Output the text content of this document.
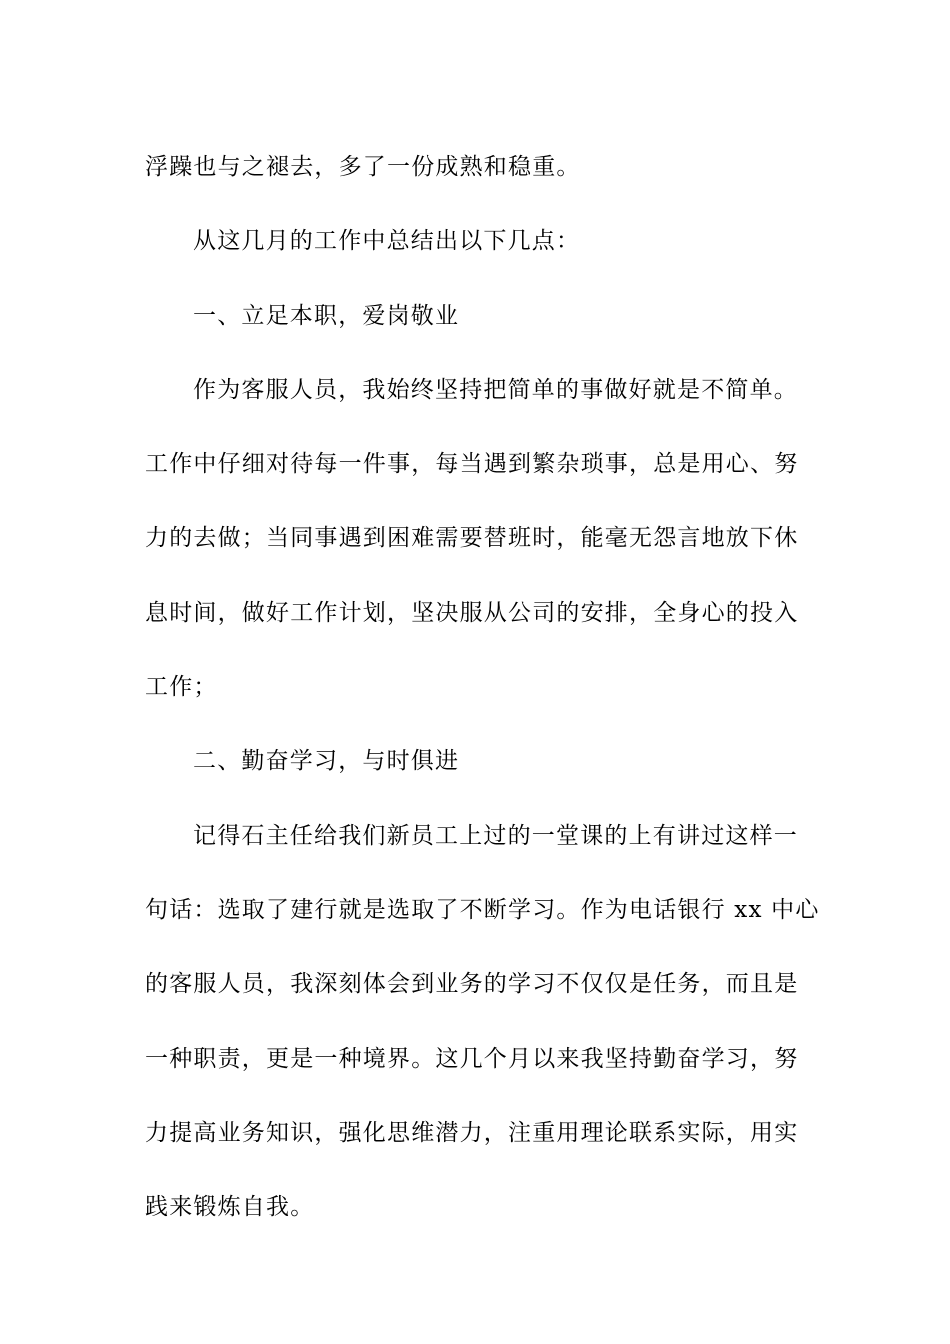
浮躁也与之褪去，多了一份成熟和稳重。
从这几月的工作中总结出以下几点：
一、立足本职，爱岗敬业
作为客服人员，我始终坚持把简单的事做好就是不简单。
工作中仔细对待每一件事，每当遇到繁杂琐事，总是用心、努
力的去做；当同事遇到困难需要替班时，能毫无怨言地放下休
息时间，做好工作计划，坚决服从公司的安排，全身心的投入
工作；
二、勤奋学习，与时俱进
记得石主任给我们新员工上过的一堂课的上有讲过这样一
句话：选取了建行就是选取了不断学习。作为电话银行 xx 中心
的客服人员，我深刻体会到业务的学习不仅仅是任务，而且是
一种职责，更是一种境界。这几个月以来我坚持勤奋学习，努
力提高业务知识，强化思维潜力，注重用理论联系实际，用实
践来锻炼自我。
